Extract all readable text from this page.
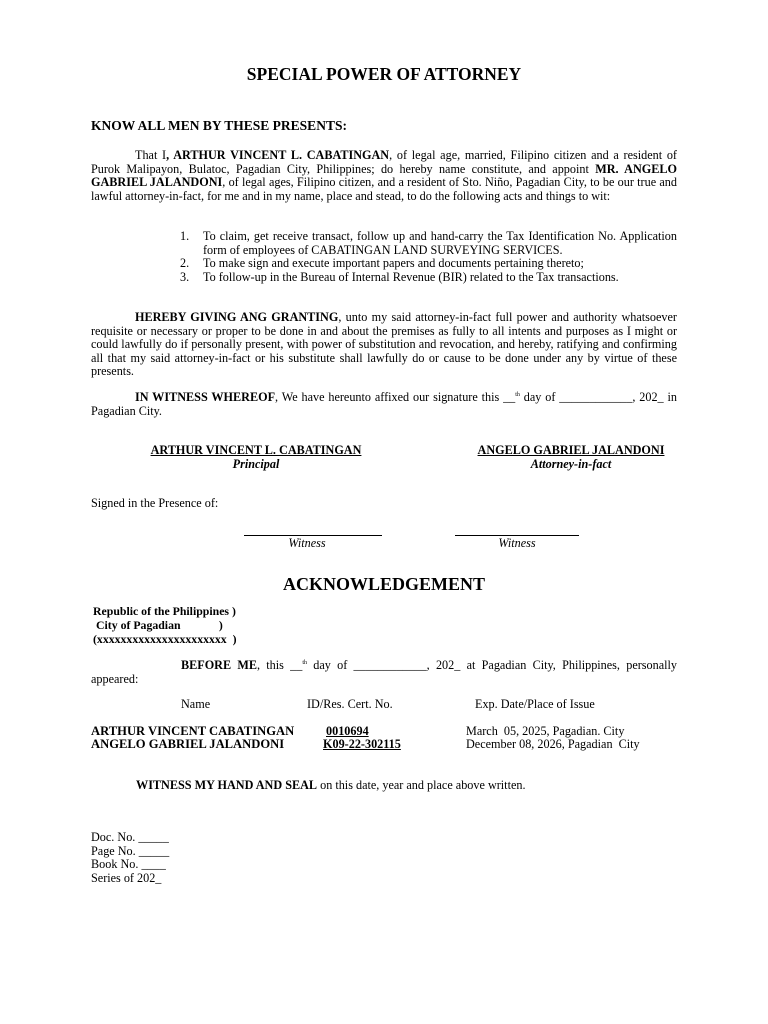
SPECIAL POWER OF ATTORNEY
KNOW ALL MEN BY THESE PRESENTS:
That I, ARTHUR VINCENT L. CABATINGAN, of legal age, married, Filipino citizen and a resident of Purok Malipayon, Bulatoc, Pagadian City, Philippines; do hereby name constitute, and appoint MR. ANGELO GABRIEL JALANDONI, of legal ages, Filipino citizen, and a resident of Sto. Niño, Pagadian City, to be our true and lawful attorney-in-fact, for me and in my name, place and stead, to do the following acts and things to wit:
1.	To claim, get receive transact, follow up and hand-carry the Tax Identification No. Application form of employees of CABATINGAN LAND SURVEYING SERVICES.
2.	To make sign and execute important papers and documents pertaining thereto;
3.	To follow-up in the Bureau of Internal Revenue (BIR) related to the Tax transactions.
HEREBY GIVING ANG GRANTING, unto my said attorney-in-fact full power and authority whatsoever requisite or necessary or proper to be done in and about the premises as fully to all intents and purposes as I might or could lawfully do if personally present, with power of substitution and revocation, and hereby, ratifying and confirming all that my said attorney-in-fact or his substitute shall lawfully do or cause to be done under any by virtue of these presents.
IN WITNESS WHEREOF, We have hereunto affixed our signature this __$^{th}$ day of ____________, 202_ in Pagadian City.
ARTHUR VINCENT L. CABATINGAN
Principal
ANGELO GABRIEL JALANDONI
Attorney-in-fact
Signed in the Presence of:
Witness	Witness
ACKNOWLEDGEMENT
Republic of the Philippines )
City of Pagadian             )
(xxxxxxxxxxxxxxxxxxxxxx  )
BEFORE ME, this __$^{th}$ day of ____________, 202_ at Pagadian City, Philippines, personally appeared:
Name	ID/Res. Cert. No.	Exp. Date/Place of Issue
ARTHUR VINCENT CABATINGAN	0010694	March  05, 2025, Pagadian. City
ANGELO GABRIEL JALANDONI	K09-22-302115	December 08, 2026, Pagadian  City
WITNESS MY HAND AND SEAL on this date, year and place above written.
Doc. No. _____
Page No. _____
Book No. ____
Series of 202_
